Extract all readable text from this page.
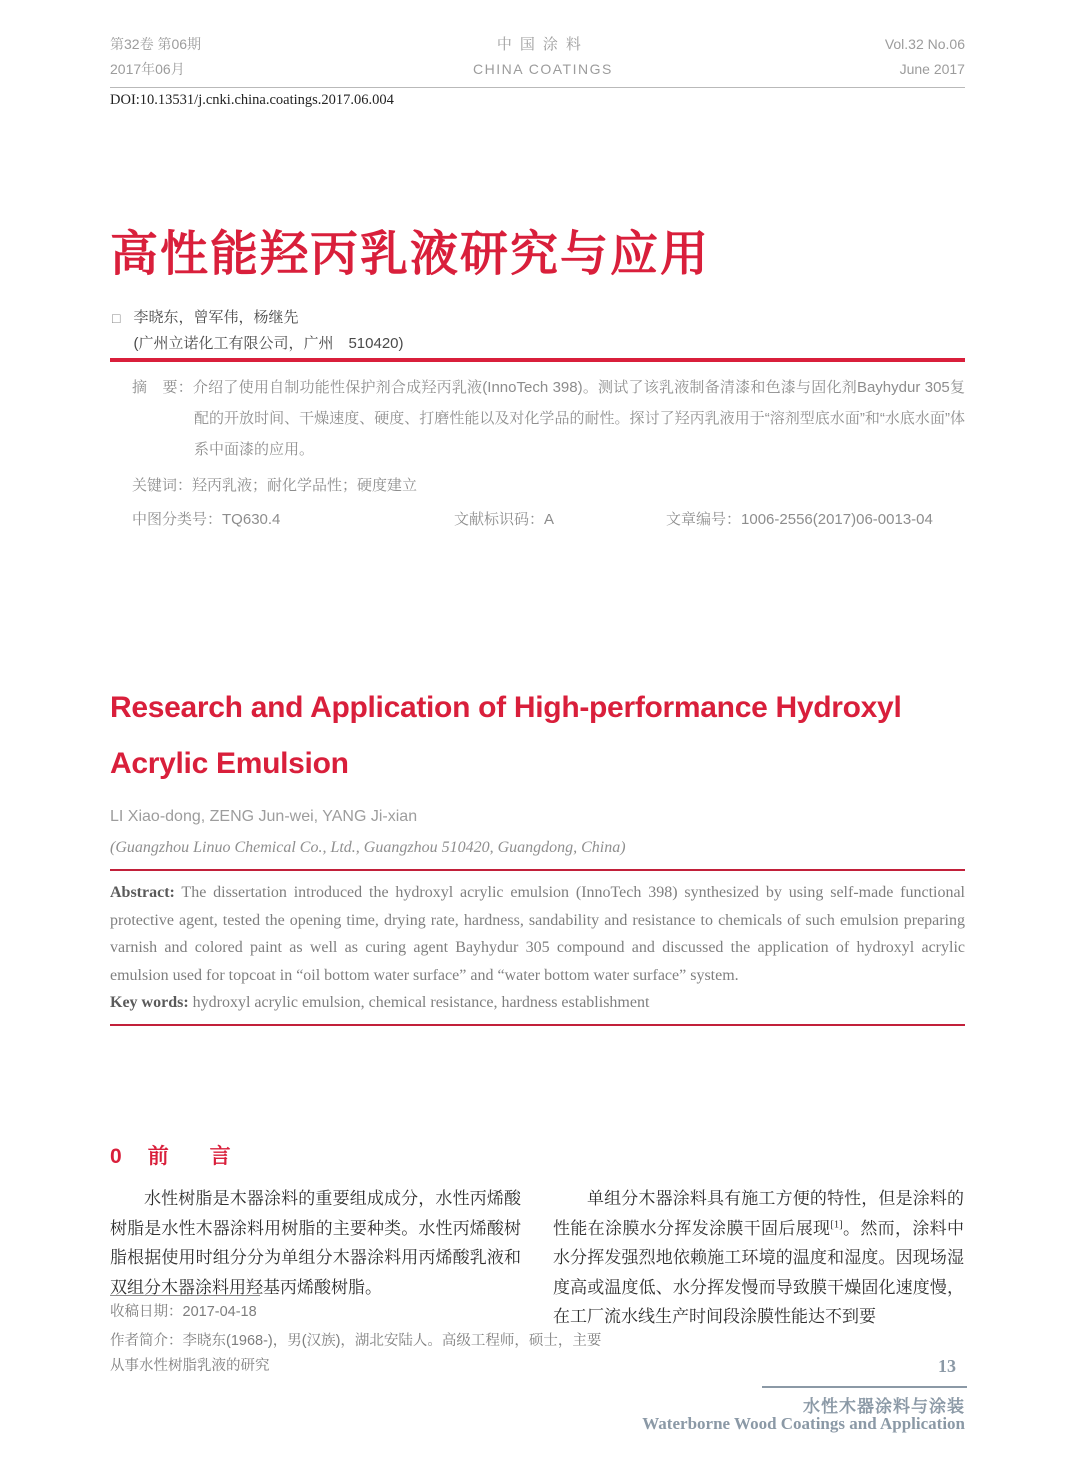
第32卷 第06期
2017年06月
中国涂料
CHINA COATINGS
Vol.32 No.06
June 2017
DOI:10.13531/j.cnki.china.coatings.2017.06.004
高性能羟丙乳液研究与应用
□ 李晓东，曾军伟，杨继先
(广州立诺化工有限公司，广州　510420)

摘　要：介绍了使用自制功能性保护剂合成羟丙乳液(InnoTech 398)。测试了该乳液制备清漆和色漆与固化剂Bayhydur 305复配的开放时间、干燥速度、硬度、打磨性能以及对化学品的耐性。探讨了羟丙乳液用于“溶剂型底水面”和“水底水面”体系中面漆的应用。

关键词：羟丙乳液；耐化学品性；硬度建立

中图分类号：TQ630.4	文献标识码：A	文章编号：1006-2556(2017)06-0013-04
Research and Application of High-performance Hydroxyl
Acrylic Emulsion
LI Xiao-dong, ZENG Jun-wei, YANG Ji-xian
(Guangzhou Linuo Chemical Co., Ltd., Guangzhou 510420, Guangdong, China)

Abstract: The dissertation introduced the hydroxyl acrylic emulsion (InnoTech 398) synthesized by using self-made functional protective agent, tested the opening time, drying rate, hardness, sandability and resistance to chemicals of such emulsion preparing varnish and colored paint as well as curing agent Bayhydur 305 compound and discussed the application of hydroxyl acrylic emulsion used for topcoat in “oil bottom water surface” and “water bottom water surface” system.

Key words: hydroxyl acrylic emulsion, chemical resistance, hardness establishment

0 前　言

水性树脂是木器涂料的重要组成成分，水性丙烯酸树脂是水性木器涂料用树脂的主要种类。水性丙烯酸树脂根据使用时组分分为单组分木器涂料用丙烯酸乳液和双组分木器涂料用羟基丙烯酸树脂。

单组分木器涂料具有施工方便的特性，但是涂料的性能在涂膜水分挥发涂膜干固后展现[1]。然而，涂料中水分挥发强烈地依赖施工环境的温度和湿度。因现场湿度高或温度低、水分挥发慢而导致膜干燥固化速度慢，在工厂流水线生产时间段涂膜性能达不到要

收稿日期：2017-04-18
作者简介：李晓东(1968-)，男(汉族)，湖北安陆人。高级工程师，硕士，主要从事水性树脂乳液的研究	13
水性木器涂料与涂装
Waterborne Wood Coatings and Application
